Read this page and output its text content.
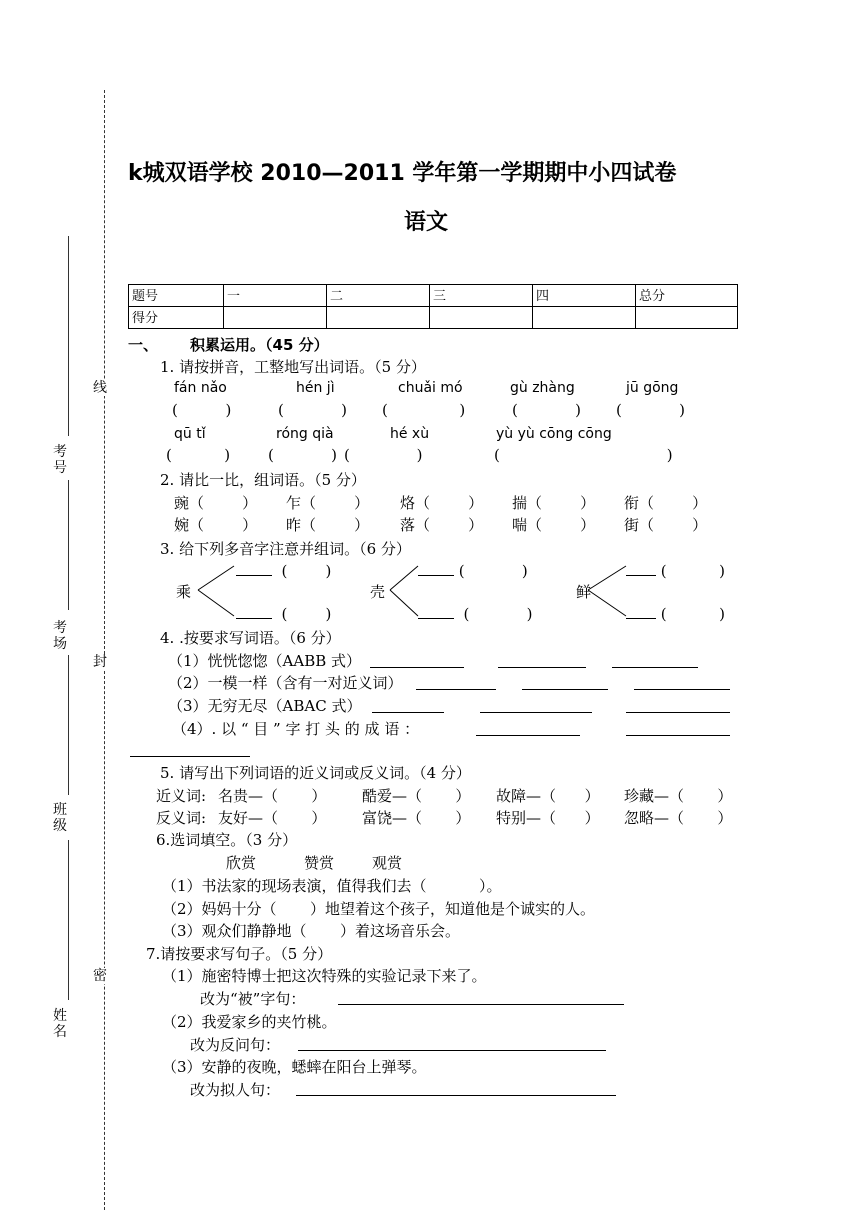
考号
考场
班级
姓名
线
封
密
k城双语学校 2010—2011 学年第一学期期中小四试卷
语文
题号	一	二	三	四	总分
得分					
一、 积累运用。（45 分）
1. 请按拼音，工整地写出词语。（5 分）
fán nǎo	hén jì	chuǎi mó	gù zhàng	jū gōng
(          )	(            ) (               )	(            ) (            )
qū tǐ	róng qià	hé xù	yù yù cōng cōng
(           )	(            ) (              )	(                                   )
2. 请比一比，组词语。（5 分）
豌（        ） 乍（        ） 烙（        ） 揣（        ） 衔（        ）
婉（        ） 昨（        ） 落（        ） 喘（        ） 街（        ）
3. 给下列多音字注意并组词。（6 分）
乘	壳	鲜
(        )
(        )
(            )
(            )
(           )
(           )
4. .按要求写词语。（6 分）
（1）恍恍惚惚（AABB 式）
（2）一模一样（含有一对近义词）
（3）无穷无尽（ABAC 式）
（4）. 以 “ 目 ” 字 打 头 的 成 语 ：
5. 请写出下列词语的近义词或反义词。（4 分）
近义词: 名贵—（       ） 酷爱—（       ） 故障—（      ） 珍藏—（       ）
反义词: 友好—（       ） 富饶—（       ） 特别—（      ） 忽略—（       ）
6.选词填空。（3 分）
欣赏	赞赏	观赏
（1）书法家的现场表演，值得我们去（	）。
（2）妈妈十分（ ）地望着这个孩子，知道他是个诚实的人。
（3）观众们静静地（ ）着这场音乐会。
7.请按要求写句子。（5 分）
（1）施密特博士把这次特殊的实验记录下来了。
改为“被”字句：
（2）我爱家乡的夹竹桃。
改为反问句：
（3）安静的夜晚，蟋蟀在阳台上弹琴。
改为拟人句：
